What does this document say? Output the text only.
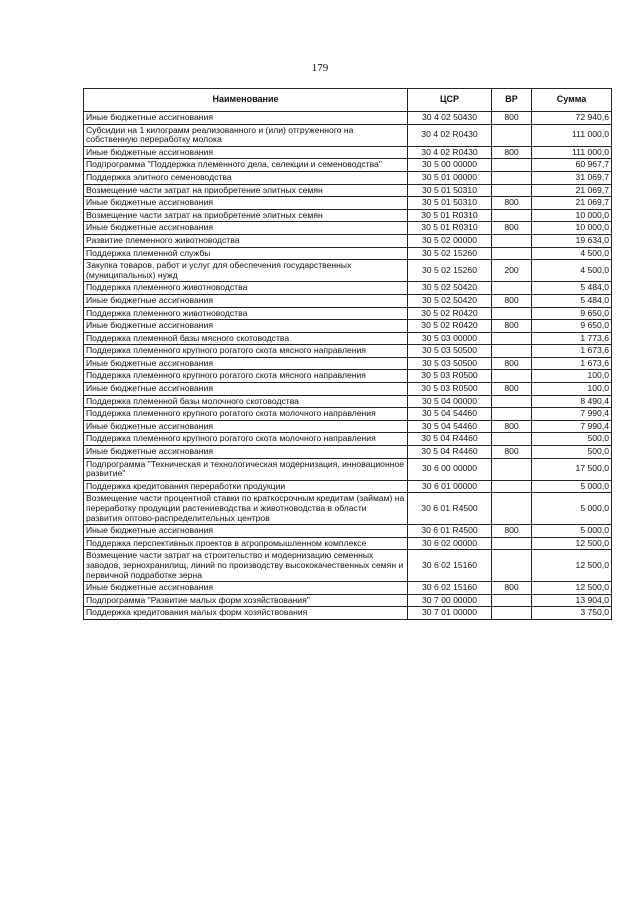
179
Наименование	ЦСР	ВР	Сумма
Иные бюджетные ассигнования	30 4 02 50430	800	72 940,6
Субсидии на 1 килограмм реализованного и (или) отгруженного на собственную переработку молока	30 4 02 R0430		111 000,0
Иные бюджетные ассигнования	30 4 02 R0430	800	111 000,0
Подпрограмма "Поддержка племенного дела, селекции и семеноводства"	30 5 00 00000		60 967,7
Поддержка элитного семеноводства	30 5 01 00000		31 069,7
Возмещение части затрат на приобретение элитных семян	30 5 01 50310		21 069,7
Иные бюджетные ассигнования	30 5 01 50310	800	21 069,7
Возмещение части затрат на приобретение элитных семян	30 5 01 R0310		10 000,0
Иные бюджетные ассигнования	30 5 01 R0310	800	10 000,0
Развитие племенного животноводства	30 5 02 00000		19 634,0
Поддержка племенной службы	30 5 02 15260		4 500,0
Закупка товаров, работ и услуг для обеспечения государственных (муниципальных) нужд	30 5 02 15260	200	4 500,0
Поддержка племенного животноводства	30 5 02 50420		5 484,0
Иные бюджетные ассигнования	30 5 02 50420	800	5 484,0
Поддержка племенного животноводства	30 5 02 R0420		9 650,0
Иные бюджетные ассигнования	30 5 02 R0420	800	9 650,0
Поддержка племенной базы мясного скотоводства	30 5 03 00000		1 773,6
Поддержка племенного крупного рогатого скота мясного направления	30 5 03 50500		1 673,6
Иные бюджетные ассигнования	30 5 03 50500	800	1 673,6
Поддержка племенного крупного рогатого скота мясного направления	30 5 03 R0500		100,0
Иные бюджетные ассигнования	30 5 03 R0500	800	100,0
Поддержка племенной базы молочного скотоводства	30 5 04 00000		8 490,4
Поддержка племенного крупного рогатого скота молочного направления	30 5 04 54460		7 990,4
Иные бюджетные ассигнования	30 5 04 54460	800	7 990,4
Поддержка племенного крупного рогатого скота молочного направления	30 5 04 R4460		500,0
Иные бюджетные ассигнования	30 5 04 R4460	800	500,0
Подпрограмма "Техническая и технологическая модернизация, инновационное развитие"	30 6 00 00000		17 500,0
Поддержка кредитования переработки продукции	30 6 01 00000		5 000,0
Возмещение части процентной ставки по краткосрочным кредитам (займам) на переработку продукции растениеводства и животноводства в области развития оптово-распределительных центров	30 6 01 R4500		5 000,0
Иные бюджетные ассигнования	30 6 01 R4500	800	5 000,0
Поддержка перспективных проектов в агропромышленном комплексе	30 6 02 00000		12 500,0
Возмещение части затрат на строительство и модернизацию семенных заводов, зернохранилищ, линий по производству высококачественных семян и первичной подработке зерна	30 6 02 15160		12 500,0
Иные бюджетные ассигнования	30 6 02 15160	800	12 500,0
Подпрограмма "Развитие малых форм хозяйствования"	30 7 00 00000		13 904,0
Поддержка кредитования малых форм хозяйствования	30 7 01 00000		3 750,0
